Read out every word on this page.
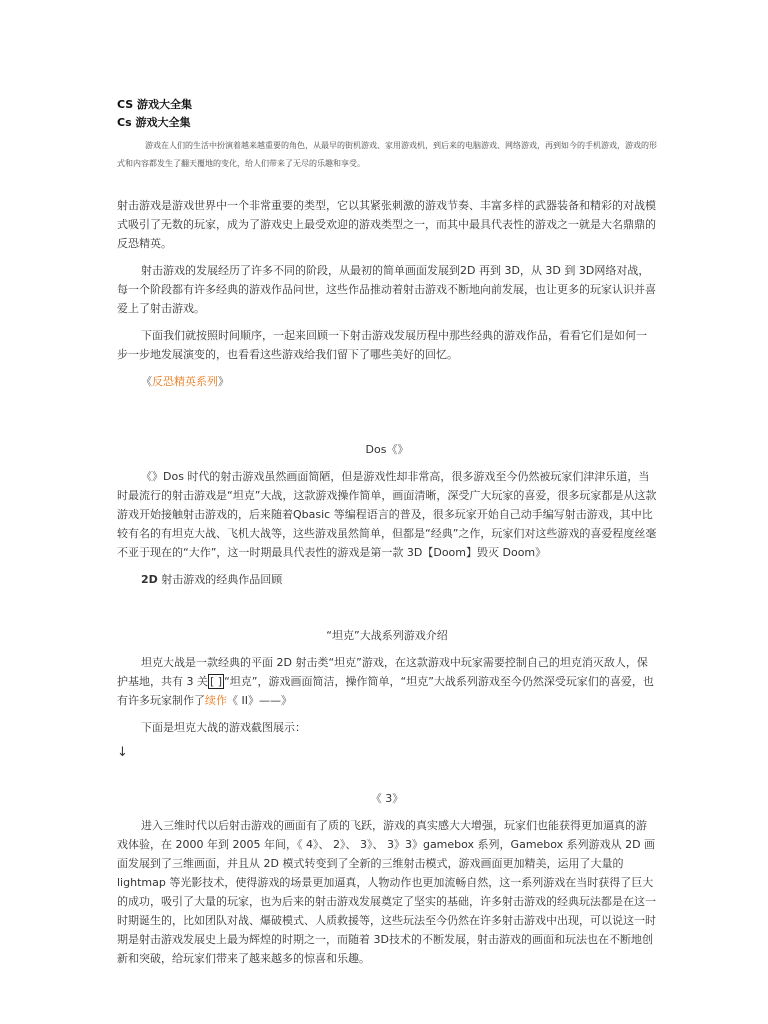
CS 游戏大全集
Cs 游戏大全集

游戏在人们的生活中扮演着越来越重要的角色，从最早的街机游戏、家用游戏机，到后来的电脑游戏、网络游戏，再到如今的手机游戏，游戏的形式和内容都发生了翻天覆地的变化，给人们带来了无尽的乐趣和享受。

射击游戏是游戏世界中一个非常重要的类型，它以其紧张刺激的游戏节奏、丰富多样的武器装备和精彩的对战模式吸引了无数的玩家，成为了游戏史上最受欢迎的游戏类型之一，而其中最具代表性的游戏之一就是大名鼎鼎的反恐精英。

射击游戏的发展经历了许多不同的阶段，从最初的简单画面发展到2D 再到 3D，从 3D 到 3D网络对战，每一个阶段都有许多经典的游戏作品问世，这些作品推动着射击游戏不断地向前发展，也让更多的玩家认识并喜爱上了射击游戏。

下面我们就按照时间顺序，一起来回顾一下射击游戏发展历程中那些经典的游戏作品，看看它们是如何一步一步地发展演变的，也看看这些游戏给我们留下了哪些美好的回忆。

《反恐精英系列》

Dos《》

《》Dos 时代的射击游戏虽然画面简陋，但是游戏性却非常高，很多游戏至今仍然被玩家们津津乐道，当时最流行的射击游戏是“坦克”大战，这款游戏操作简单，画面清晰，深受广大玩家的喜爱，很多玩家都是从这款游戏开始接触射击游戏的，后来随着Qbasic 等编程语言的普及，很多玩家开始自己动手编写射击游戏，其中比较有名的有坦克大战、飞机大战等，这些游戏虽然简单，但都是“经典”之作，玩家们对这些游戏的喜爱程度丝毫不亚于现在的“大作”，这一时期最具代表性的游戏是第一款 3D【Doom】毁灭 Doom》

2D 射击游戏的经典作品回顾

“坦克”大战系列游戏介绍

坦克大战是一款经典的平面 2D 射击类“坦克”游戏，在这款游戏中玩家需要控制自己的坦克消灭敌人，保护基地，共有 3 关 [ ] “坦克”，游戏画面简洁，操作简单，“坦克”大战系列游戏至今仍然深受玩家们的喜爱，也有许多玩家制作了续作《 II》——》

下面是坦克大战的游戏截图展示：

↓

《 3》

进入三维时代以后射击游戏的画面有了质的飞跃，游戏的真实感大大增强，玩家们也能获得更加逼真的游戏体验，在 2000 年到 2005 年间，《 4》、 2》、 3》、 3》3》gamebox 系列，Gamebox 系列游戏从 2D 画面发展到了三维画面，并且从 2D 模式转变到了全新的三维射击模式，游戏画面更加精美，运用了大量的 lightmap 等光影技术，使得游戏的场景更加逼真，人物动作也更加流畅自然，这一系列游戏在当时获得了巨大的成功，吸引了大量的玩家，也为后来的射击游戏发展奠定了坚实的基础，许多射击游戏的经典玩法都是在这一时期诞生的，比如团队对战、爆破模式、人质救援等，这些玩法至今仍然在许多射击游戏中出现，可以说这一时期是射击游戏发展史上最为辉煌的时期之一，而随着 3D技术的不断发展，射击游戏的画面和玩法也在不断地创新和突破，给玩家们带来了越来越多的惊喜和乐趣。
